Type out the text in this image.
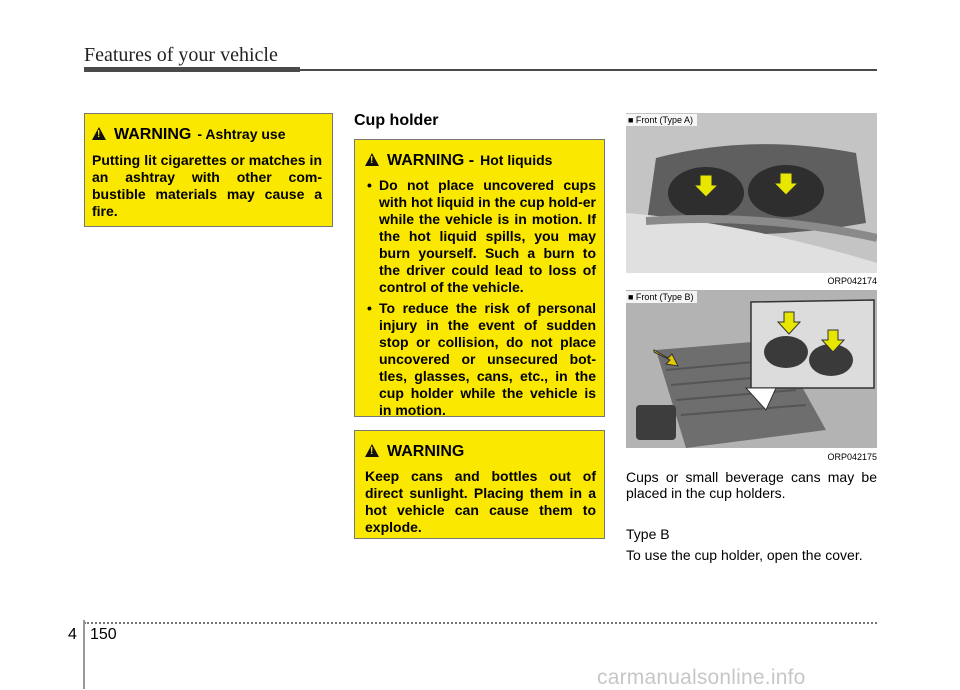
Features of your vehicle
!
WARNING - Ashtray use
Putting lit cigarettes or matches in an ashtray with other com-bustible materials may cause a fire.
Cup holder
!
WARNING - Hot liquids
• Do not place uncovered cups with hot liquid in the cup hold-er while the vehicle is in motion. If the hot liquid spills, you may burn yourself. Such a burn to the driver could lead to loss of control of the vehicle.
• To reduce the risk of personal injury in the event of sudden stop or collision, do not place uncovered or unsecured bot-tles, glasses, cans, etc., in the cup holder while the vehicle is in motion.
!
WARNING
Keep cans and bottles out of direct sunlight. Placing them in a hot vehicle can cause them to explode.
■ Front (Type A)
ORP042174
■ Front (Type B)
ORP042175
Cups or small beverage cans may be placed in the cup holders.
Type B
To use the cup holder, open the cover.
4 150
carmanualsonline.info
